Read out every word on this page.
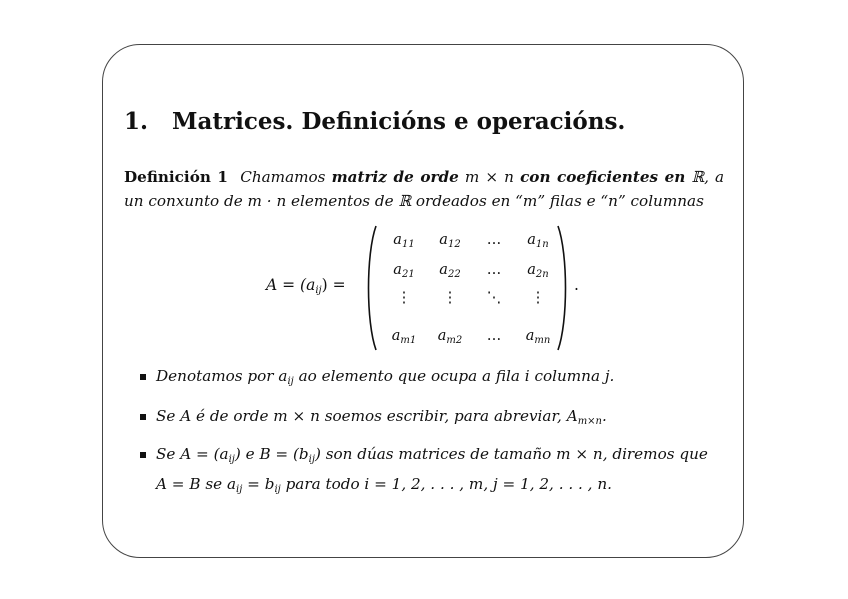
1. Matrices. Definicións e operacións.
Definición 1 Chamamos matriz de orde m × n con coeficientes en ℝ, a
un conxunto de m · n elementos de ℝ ordeados en “m” filas e “n” columnas
$A = (a_{ij})$ =
$a_{11}$	$a_{12}$	…	$a_{1n}$
$a_{21}$	$a_{22}$	…	$a_{2n}$
⋮	⋮	⋱	⋮
$a_{m1}$	$a_{m2}$	…	$a_{mn}$
.
Denotamos por $a_{ij}$ ao elemento que ocupa a fila i columna j.
Se A é de orde m × n soemos escribir, para abreviar, $A_{m\times n}$.
Se $A = (a_{ij})$ e $B = (b_{ij})$ son dúas matrices de tamaño m × n, diremos que
A = B se $a_{ij} = b_{ij}$ para todo i = 1, 2, . . . , m, j = 1, 2, . . . , n.
